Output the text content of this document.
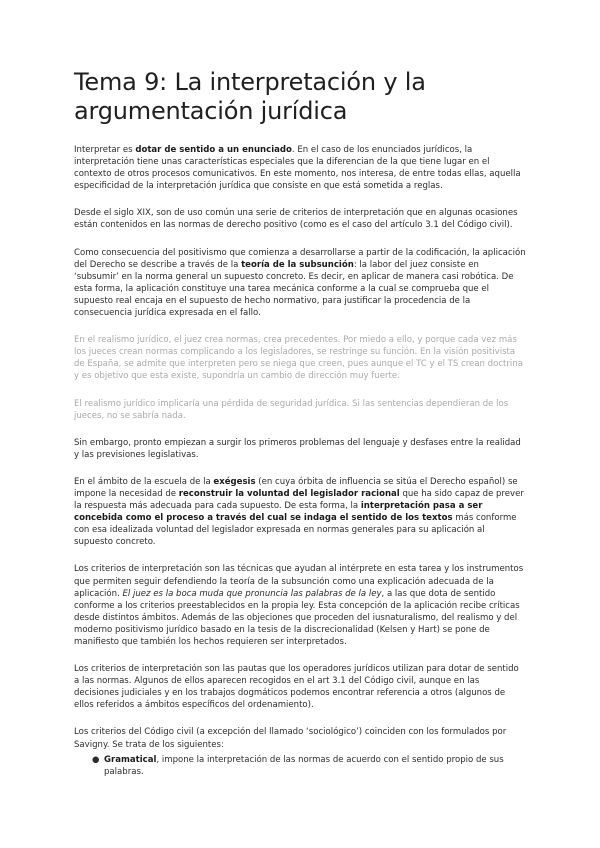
Tema 9: La interpretación y la argumentación jurídica

Interpretar es dotar de sentido a un enunciado. En el caso de los enunciados jurídicos, la interpretación tiene unas características especiales que la diferencian de la que tiene lugar en el contexto de otros procesos comunicativos. En este momento, nos interesa, de entre todas ellas, aquella especificidad de la interpretación jurídica que consiste en que está sometida a reglas.

Desde el siglo XIX, son de uso común una serie de criterios de interpretación que en algunas ocasiones están contenidos en las normas de derecho positivo (como es el caso del artículo 3.1 del Código civil).

Como consecuencia del positivismo que comienza a desarrollarse a partir de la codificación, la aplicación del Derecho se describe a través de la teoría de la subsunción: la labor del juez consiste en ‘subsumir’ en la norma general un supuesto concreto. Es decir, en aplicar de manera casi robótica. De esta forma, la aplicación constituye una tarea mecánica conforme a la cual se comprueba que el supuesto real encaja en el supuesto de hecho normativo, para justificar la procedencia de la consecuencia jurídica expresada en el fallo.

En el realismo jurídico, el juez crea normas, crea precedentes. Por miedo a ello, y porque cada vez más los jueces crean normas complicando a los legisladores, se restringe su función. En la visión positivista de España, se admite que interpreten pero se niega que creen, pues aunque el TC y el TS crean doctrina y es objetivo que esta existe, supondría un cambio de dirección muy fuerte.

El realismo jurídico implicaría una pérdida de seguridad jurídica. Si las sentencias dependieran de los jueces, no se sabría nada.

Sin embargo, pronto empiezan a surgir los primeros problemas del lenguaje y desfases entre la realidad y las previsiones legislativas.

En el ámbito de la escuela de la exégesis (en cuya órbita de influencia se sitúa el Derecho español) se impone la necesidad de reconstruir la voluntad del legislador racional que ha sido capaz de prever la respuesta más adecuada para cada supuesto. De esta forma, la interpretación pasa a ser concebida como el proceso a través del cual se indaga el sentido de los textos más conforme con esa idealizada voluntad del legislador expresada en normas generales para su aplicación al supuesto concreto.

Los criterios de interpretación son las técnicas que ayudan al intérprete en esta tarea y los instrumentos que permiten seguir defendiendo la teoría de la subsunción como una explicación adecuada de la aplicación. El juez es la boca muda que pronuncia las palabras de la ley, a las que dota de sentido conforme a los criterios preestablecidos en la propia ley. Esta concepción de la aplicación recibe críticas desde distintos ámbitos. Además de las objeciones que proceden del iusnaturalismo, del realismo y del moderno positivismo jurídico basado en la tesis de la discrecionalidad (Kelsen y Hart) se pone de manifiesto que también los hechos requieren ser interpretados.

Los criterios de interpretación son las pautas que los operadores jurídicos utilizan para dotar de sentido a las normas. Algunos de ellos aparecen recogidos en el art 3.1 del Código civil, aunque en las decisiones judiciales y en los trabajos dogmáticos podemos encontrar referencia a otros (algunos de ellos referidos a ámbitos específicos del ordenamiento).

Los criterios del Código civil (a excepción del llamado ‘sociológico’) coinciden con los formulados por Savigny. Se trata de los siguientes:

● Gramatical, impone la interpretación de las normas de acuerdo con el sentido propio de sus palabras.
